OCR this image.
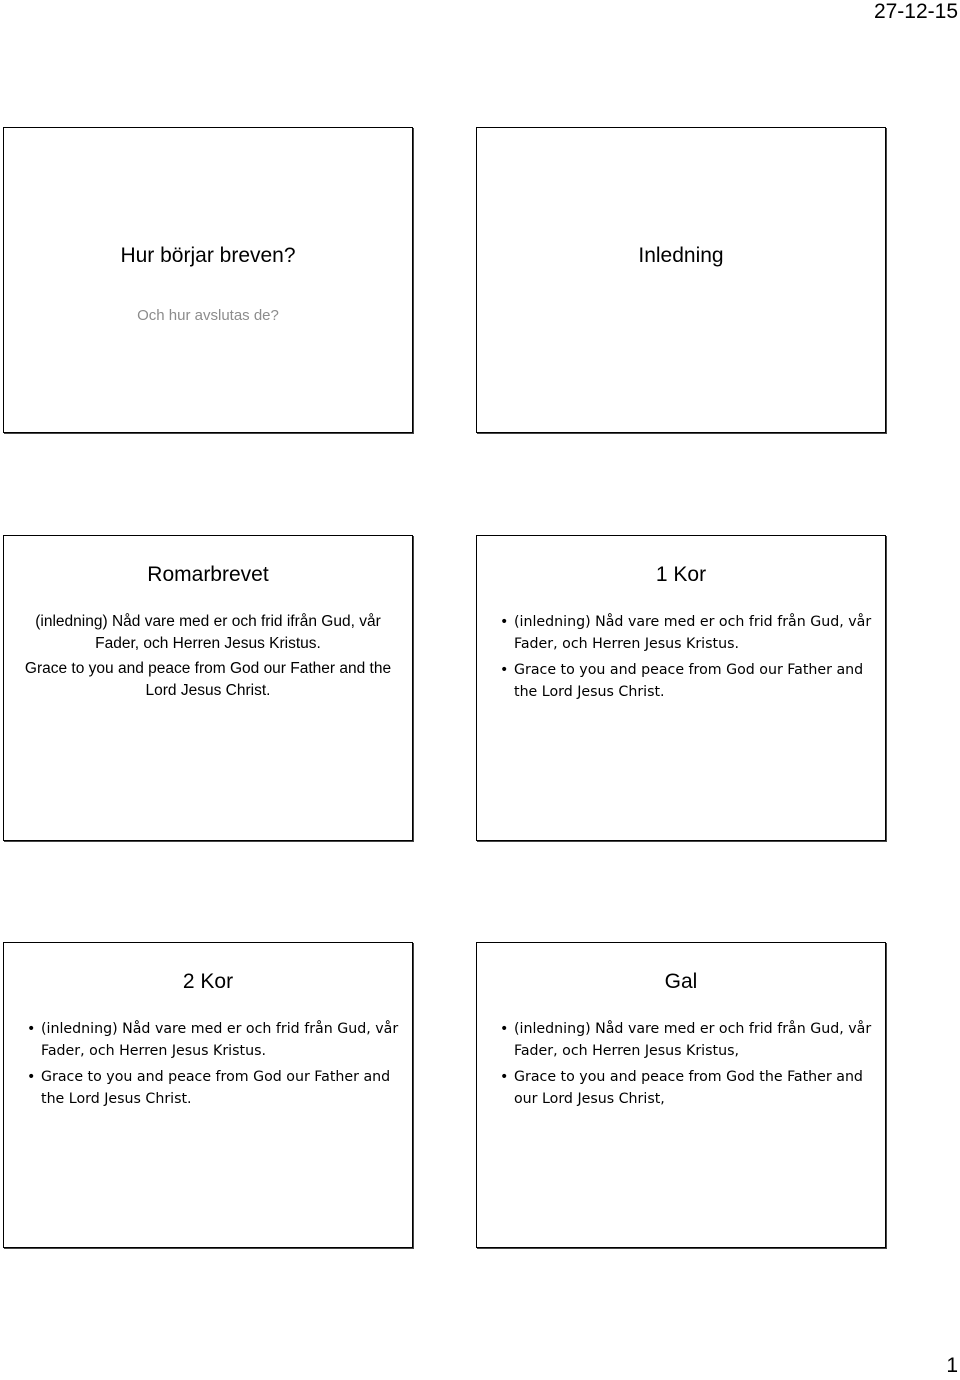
27-12-15
Hur börjar breven?
Och hur avslutas de?
Inledning
Romarbrevet

(inledning) Nåd vare med er och frid ifrån Gud, vår Fader, och Herren Jesus Kristus.

Grace to you and peace from God our Father and the Lord Jesus Christ.

1 Kor
• (inledning) Nåd vare med er och frid från Gud, vår Fader, och Herren Jesus Kristus.
• Grace to you and peace from God our Father and the Lord Jesus Christ.
2 Kor
• (inledning) Nåd vare med er och frid från Gud, vår Fader, och Herren Jesus Kristus.
• Grace to you and peace from God our Father and the Lord Jesus Christ.
Gal
• (inledning) Nåd vare med er och frid från Gud, vår Fader, och Herren Jesus Kristus,
• Grace to you and peace from God the Father and our Lord Jesus Christ,
1
